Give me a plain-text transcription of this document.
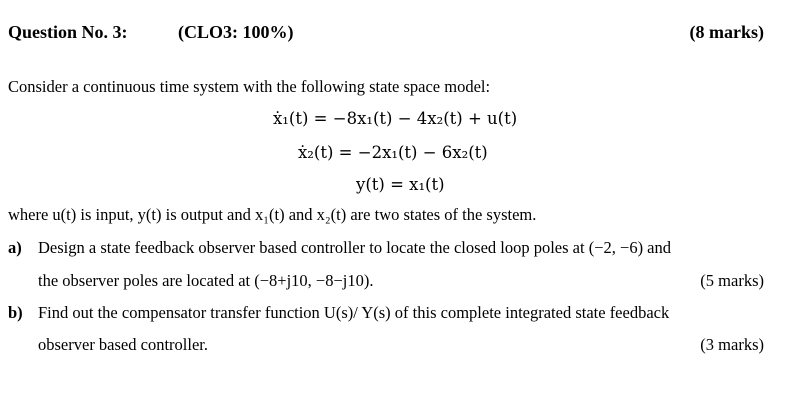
Question No. 3:	(CLO3: 100%)	(8 marks)
Consider a continuous time system with the following state space model:
ẋ₁(t) = −8x₁(t) − 4x₂(t) + u(t)
ẋ₂(t) = −2x₁(t) − 6x₂(t)
y(t) = x₁(t)
where u(t) is input, y(t) is output and x₁(t) and x₂(t) are two states of the system.
a) Design a state feedback observer based controller to locate the closed loop poles at (−2, −6) and
the observer poles are located at (−8+j10, −8−j10).	(5 marks)
b) Find out the compensator transfer function U(s)/ Y(s) of this complete integrated state feedback
observer based controller.	(3 marks)
